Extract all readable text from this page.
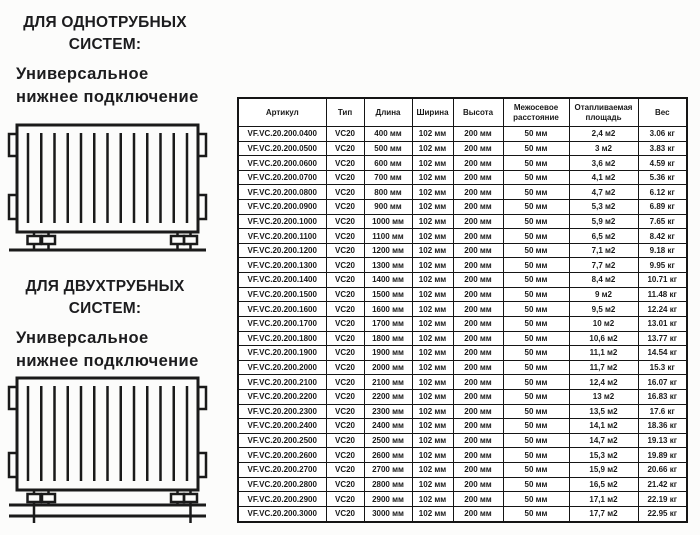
ДЛЯ ОДНОТРУБНЫХ
СИСТЕМ:
Универсальное
нижнее подключение
ДЛЯ ДВУХТРУБНЫХ
СИСТЕМ:
Универсальное
нижнее подключение
Артикул	Тип	Длина	Ширина	Высота	Межосевое расстояние	Отапливаемая площадь	Вес
VF.VC.20.200.0400	VC20	400 мм	102 мм	200 мм	50 мм	2,4 м2	3.06 кг
VF.VC.20.200.0500	VC20	500 мм	102 мм	200 мм	50 мм	3 м2	3.83 кг
VF.VC.20.200.0600	VC20	600 мм	102 мм	200 мм	50 мм	3,6 м2	4.59 кг
VF.VC.20.200.0700	VC20	700 мм	102 мм	200 мм	50 мм	4,1 м2	5.36 кг
VF.VC.20.200.0800	VC20	800 мм	102 мм	200 мм	50 мм	4,7 м2	6.12 кг
VF.VC.20.200.0900	VC20	900 мм	102 мм	200 мм	50 мм	5,3 м2	6.89 кг
VF.VC.20.200.1000	VC20	1000 мм	102 мм	200 мм	50 мм	5,9 м2	7.65 кг
VF.VC.20.200.1100	VC20	1100 мм	102 мм	200 мм	50 мм	6,5 м2	8.42 кг
VF.VC.20.200.1200	VC20	1200 мм	102 мм	200 мм	50 мм	7,1 м2	9.18 кг
VF.VC.20.200.1300	VC20	1300 мм	102 мм	200 мм	50 мм	7,7 м2	9.95 кг
VF.VC.20.200.1400	VC20	1400 мм	102 мм	200 мм	50 мм	8,4 м2	10.71 кг
VF.VC.20.200.1500	VC20	1500 мм	102 мм	200 мм	50 мм	9 м2	11.48 кг
VF.VC.20.200.1600	VC20	1600 мм	102 мм	200 мм	50 мм	9,5 м2	12.24 кг
VF.VC.20.200.1700	VC20	1700 мм	102 мм	200 мм	50 мм	10 м2	13.01 кг
VF.VC.20.200.1800	VC20	1800 мм	102 мм	200 мм	50 мм	10,6 м2	13.77 кг
VF.VC.20.200.1900	VC20	1900 мм	102 мм	200 мм	50 мм	11,1 м2	14.54 кг
VF.VC.20.200.2000	VC20	2000 мм	102 мм	200 мм	50 мм	11,7 м2	15.3 кг
VF.VC.20.200.2100	VC20	2100 мм	102 мм	200 мм	50 мм	12,4 м2	16.07 кг
VF.VC.20.200.2200	VC20	2200 мм	102 мм	200 мм	50 мм	13 м2	16.83 кг
VF.VC.20.200.2300	VC20	2300 мм	102 мм	200 мм	50 мм	13,5 м2	17.6 кг
VF.VC.20.200.2400	VC20	2400 мм	102 мм	200 мм	50 мм	14,1 м2	18.36 кг
VF.VC.20.200.2500	VC20	2500 мм	102 мм	200 мм	50 мм	14,7 м2	19.13 кг
VF.VC.20.200.2600	VC20	2600 мм	102 мм	200 мм	50 мм	15,3 м2	19.89 кг
VF.VC.20.200.2700	VC20	2700 мм	102 мм	200 мм	50 мм	15,9 м2	20.66 кг
VF.VC.20.200.2800	VC20	2800 мм	102 мм	200 мм	50 мм	16,5 м2	21.42 кг
VF.VC.20.200.2900	VC20	2900 мм	102 мм	200 мм	50 мм	17,1 м2	22.19 кг
VF.VC.20.200.3000	VC20	3000 мм	102 мм	200 мм	50 мм	17,7 м2	22.95 кг
